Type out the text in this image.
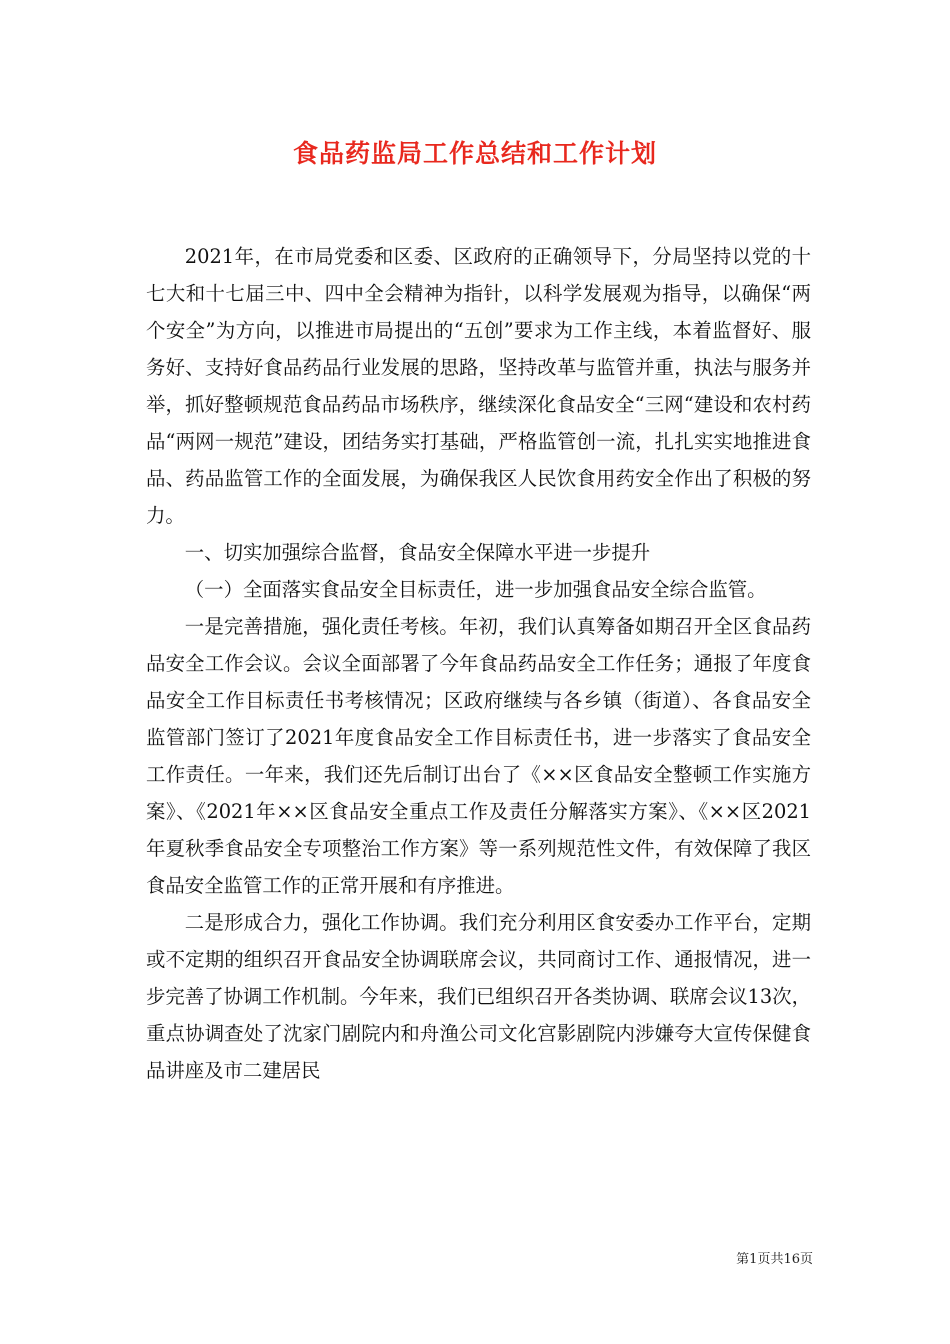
食品药监局工作总结和工作计划

2021年，在市局党委和区委、区政府的正确领导下，分局坚持以党的十七大和十七届三中、四中全会精神为指针，以科学发展观为指导，以确保“两个安全”为方向，以推进市局提出的“五创”要求为工作主线，本着监督好、服务好、支持好食品药品行业发展的思路，坚持改革与监管并重，执法与服务并举，抓好整顿规范食品药品市场秩序，继续深化食品安全“三网“建设和农村药品“两网一规范”建设，团结务实打基础，严格监管创一流，扎扎实实地推进食品、药品监管工作的全面发展，为确保我区人民饮食用药安全作出了积极的努力。

一、切实加强综合监督，食品安全保障水平进一步提升

（一）全面落实食品安全目标责任，进一步加强食品安全综合监管。

一是完善措施，强化责任考核。年初，我们认真筹备如期召开全区食品药品安全工作会议。会议全面部署了今年食品药品安全工作任务；通报了年度食品安全工作目标责任书考核情况；区政府继续与各乡镇（街道）、各食品安全监管部门签订了2021年度食品安全工作目标责任书，进一步落实了食品安全工作责任。一年来，我们还先后制订出台了《××区食品安全整顿工作实施方案》、《2021年××区食品安全重点工作及责任分解落实方案》、《××区2021年夏秋季食品安全专项整治工作方案》等一系列规范性文件，有效保障了我区食品安全监管工作的正常开展和有序推进。

二是形成合力，强化工作协调。我们充分利用区食安委办工作平台，定期或不定期的组织召开食品安全协调联席会议，共同商讨工作、通报情况，进一步完善了协调工作机制。今年来，我们已组织召开各类协调、联席会议13次，重点协调查处了沈家门剧院内和舟渔公司文化宫影剧院内涉嫌夸大宣传保健食品讲座及市二建居民

第1页共16页
